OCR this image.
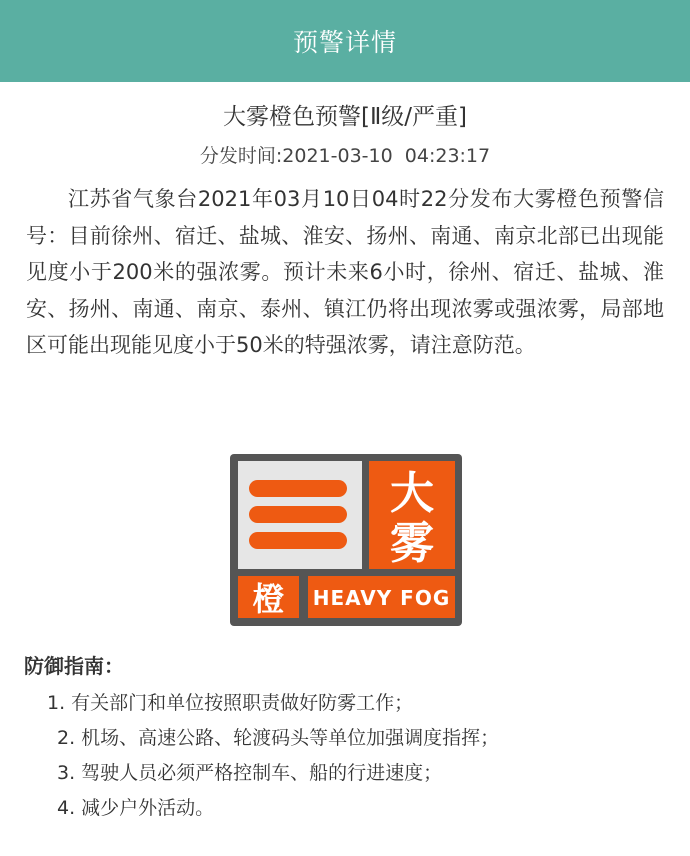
预警详情
大雾橙色预警[Ⅱ级/严重]
分发时间:2021-03-10  04:23:17
江苏省气象台2021年03月10日04时22分发布大雾橙色预警信号：目前徐州、宿迁、盐城、淮安、扬州、南通、南京北部已出现能见度小于200米的强浓雾。预计未来6小时，徐州、宿迁、盐城、淮安、扬州、南通、南京、泰州、镇江仍将出现浓雾或强浓雾，局部地区可能出现能见度小于50米的特强浓雾，请注意防范。
大
雾
橙 HEAVY FOG
防御指南：
1. 有关部门和单位按照职责做好防雾工作；
2. 机场、高速公路、轮渡码头等单位加强调度指挥；
3. 驾驶人员必须严格控制车、船的行进速度；
4. 减少户外活动。
